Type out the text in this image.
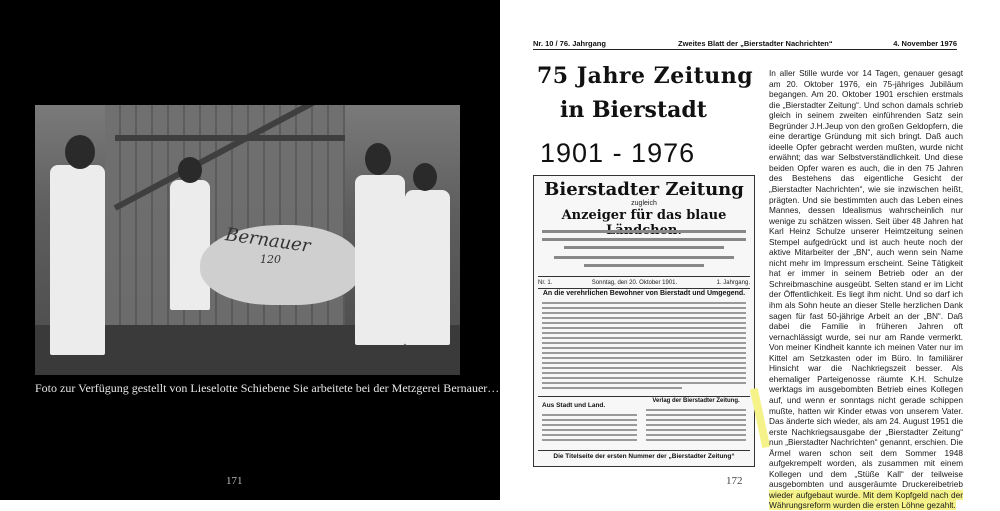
Bernauer
120
Foto zur Verfügung gestellt von Lieselotte Schiebene Sie arbeitete bei der Metzgerei Bernauer…
171
Nr. 10 / 76. Jahrgang	Zweites Blatt der „Bierstadter Nachrichten“	4. November 1976
75 Jahre Zeitung
in Bierstadt
1901 - 1976
Bierstadter Zeitung
zugleich
Anzeiger für das blaue
Nr. 1.	Sonntag, den 20. Oktober 1901.	1. Jahrgang.
An die verehrlichen Bewohner von Bierstadt und Umgegend.
Verlag der Bierstadter Zeitung.
Aus Stadt und Land.
Die Titelseite der ersten Nummer der „Bierstadter Zeitung“
In aller Stille wurde vor 14 Tagen, genauer gesagt am 20. Oktober 1976, ein 75-jähriges Jubiläum begangen. Am 20. Oktober 1901 erschien erstmals die „Bierstadter Zeitung“. Und schon damals schrieb gleich in seinem zweiten einführenden Satz sein Begründer J.H.Jeup von den großen Geldopfern, die eine derartige Gründung mit sich bringt. Daß auch ideelle Opfer gebracht werden mußten, wurde nicht erwähnt; das war Selbstverständlichkeit. Und diese beiden Opfer waren es auch, die in den 75 Jahren des Bestehens das eigentliche Gesicht der „Bierstadter Nachrichten“, wie sie inzwischen heißt, prägten. Und sie bestimmten auch das Leben eines Mannes, dessen Idealismus wahrscheinlich nur wenige zu schätzen wissen. Seit über 48 Jahren hat Karl Heinz Schulze unserer Heimtzeitung seinen Stempel aufgedrückt und ist auch heute noch der aktive Mitarbeiter der „BN“, auch wenn sein Name nicht mehr im Impressum erscheint. Seine Tätigkeit hat er immer in seinem Betrieb oder an der Schreibmaschine ausgeübt. Selten stand er im Licht der Öffentlichkeit. Es liegt ihm nicht. Und so darf ich ihm als Sohn heute an dieser Stelle herzlichen Dank sagen für fast 50-jährige Arbeit an der „BN“. Daß dabei die Familie in früheren Jahren oft vernachlässigt wurde, sei nur am Rande vermerkt. Von meiner Kindheit kannte ich meinen Vater nur im Kittel am Setzkasten oder im Büro. In familiärer Hinsicht war die Nachkriegszeit besser. Als ehemaliger Parteigenosse räumte K.H. Schulze werktags im ausgebombten Betrieb eines Kollegen auf, und wenn er sonntags nicht gerade schippen mußte, hatten wir Kinder etwas von unserem Vater. Das änderte sich wieder, als am 24. August 1951 die erste Nachkriegsausgabe der „Bierstadter Zeitung“ nun „Bierstadter Nachrichten“ genannt, erschien. Die Ärmel waren schon seit dem Sommer 1948 aufgekrempelt worden, als zusammen mit einem Kollegen und dem „Stüße Kall“ der teilweise ausgebombten und ausgeräumte Druckereibetrieb wieder aufgebaut wurde. Mit dem Kopfgeld nach der Währungsreform wurden die ersten Löhne gezahlt.
172
